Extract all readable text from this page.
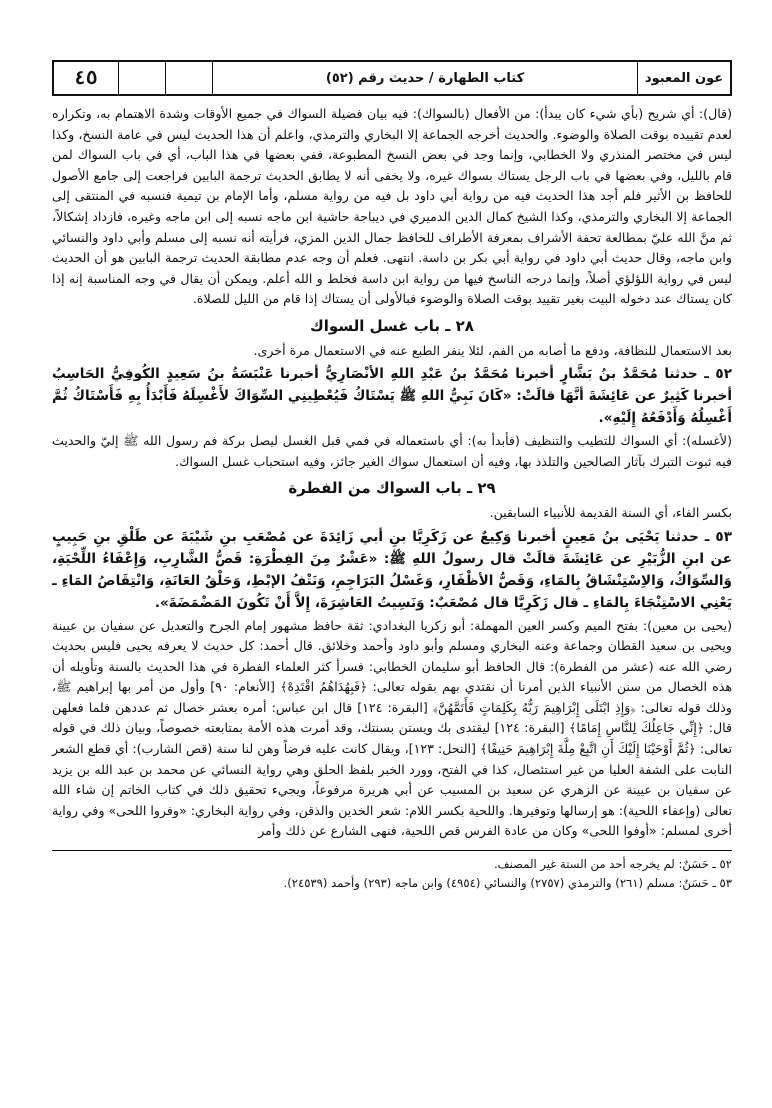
عون المعبود
كتاب الطهارة / حديث رقم (٥٢)
٤٥

(قال): أي شريح (بأي شيء كان يبدأ): من الأفعال (بالسواك): فيه بيان فضيلة السواك في جميع الأوقات وشدة الاهتمام به، وتكراره لعدم تقييده بوقت الصلاة والوضوء. والحديث أخرجه الجماعة إلا البخاري والترمذي، واعلم أن هذا الحديث ليس في عامة النسخ، وكذا ليس في مختصر المنذري ولا الخطابي، وإنما وجد في بعض النسخ المطبوعة، ففي بعضها في هذا الباب، أي في باب السواك لمن قام بالليل، وفي بعضها في باب الرجل يستاك بسواك غيره، ولا يخفى أنه لا يطابق الحديث ترجمة البابين فراجعت إلى جامع الأصول للحافظ بن الأثير فلم أجد هذا الحديث فيه من رواية أبي داود بل فيه من رواية مسلم، وأما الإمام بن تيمية فنسبه في المنتقى إلى الجماعة إلا البخاري والترمذي، وكذا الشيخ كمال الدين الدميري في ديباجة حاشية ابن ماجه نسبه إلى ابن ماجه وغيره، فازداد إشكالاً، ثم منَّ الله عليّ بمطالعة تحفة الأشراف بمعرفة الأطراف للحافظ جمال الدين المزي، فرأيته أنه نسبه إلى مسلم وأبي داود والنسائي وابن ماجه، وقال حديث أبي داود في رواية أبي بكر بن داسة. انتهى. فعلم أن وجه عدم مطابقة الحديث ترجمة البابين هو أن الحديث ليس في رواية اللؤلؤي أصلاً، وإنما درجه الناسخ فيها من رواية ابن داسة فخلط و الله أعلم. ويمكن أن يقال في وجه المناسبة إنه إذا كان يستاك عند دخوله البيت بغير تقييد بوقت الصلاة والوضوء فبالأولى أن يستاك إذا قام من الليل للصلاة.

٢٨ ـ باب غسل السواك

بعد الاستعمال للنظافة، ودفع ما أصابه من الفم، لئلا ينفر الطبع عنه في الاستعمال مرة أخرى.

٥٢ ـ حدثنا مُحَمَّدُ بنُ بَشَّارٍ أخبرنا مُحَمَّدُ بنُ عَبْدِ اللهِ الأنْصَارِيُّ أخبرنا عَنْبَسَةُ بنُ سَعِيدٍ الكُوفِيُّ الحَاسِبُ أخبرنا كَثِيرٌ عن عَائِشَةَ أنَّهَا قالَتْ: «كَانَ نَبِيُّ اللهِ ﷺ يَسْتَاكُ فَيُعْطِينِي السِّوَاكَ لأَغْسِلَهُ فَأَبْدَأُ بِهِ فَأَسْتَاكُ ثُمَّ أَغْسِلُهُ وَأَدْفَعُهُ إِلَيْهِ».

(لأغسله): أي السواك للتطيب والتنظيف (فأبدأ به): أي باستعماله في فمي قبل الغسل ليصل بركة فم رسول الله ﷺ إليّ والحديث فيه ثبوت التبرك بآثار الصالحين والتلذذ بها، وفيه أن استعمال سواك الغير جائز، وفيه استحباب غسل السواك.

٢٩ ـ باب السواك من الفطرة

بكسر الفاء، أي السنة القديمة للأنبياء السابقين.

٥٣ ـ حدثنا يَحْيَى بنُ مَعِينٍ أخبرنا وَكِيعٌ عن زَكَرِيَّا بنِ أبي زَائِدَةَ عن مُصْعَبِ بنِ شَيْبَةَ عن طَلْقِ بنِ حَبِيبٍ عن ابنِ الزُّبَيْرِ عن عَائِشَةَ قالَتْ قال رسولُ اللهِ ﷺ: «عَشْرٌ مِنَ الفِطْرَةِ: قَصُّ الشَّارِبِ، وَإِعْفَاءُ اللِّحْيَةِ، وَالسِّوَاكُ، وَالاِسْتِنْشَاقُ بِالمَاءِ، وَقَصُّ الأظْفَارِ، وَغَسْلُ البَرَاجِمِ، وَنَتْفُ الإبْطِ، وَحَلْقُ العَانَةِ، وَانْتِقَاصُ المَاءِ ـ يَعْنِي الاسْتِنْجَاءَ بِالمَاءِ ـ قال زَكَرِيَّا قال مُصْعَبٌ: وَنَسِيتُ العَاشِرَةَ، إِلاَّ أَنْ تَكُونَ المَضْمَضَةَ».

(يحيى بن معين): بفتح الميم وكسر العين المهملة: أبو زكريا البغدادي: ثقة حافظ مشهور إمام الجرح والتعديل عن سفيان بن عيينة ويحيى بن سعيد القطان وجماعة وعنه البخاري ومسلم وأبو داود وأحمد وخلائق. قال أحمد: كل حديث لا يعرفه يحيى فليس بحديث رضي الله عنه (عشر من الفطرة): قال الحافظ أبو سليمان الخطابي: فسرأ كثر العلماء الفطرة في هذا الحديث بالسنة وتأويله أن هذه الخصال من سنن الأنبياء الذين أمرنا أن نقتدي بهم بقوله تعالى: ﴿فَبِهُدَاهُمُ اقْتَدِهْ﴾ [الأنعام: ٩٠] وأول من أمر بها إبراهيم ﷺ، وذلك قوله تعالى: ﴿وَإِذِ ابْتَلَى إِبْرَاهِيمَ رَبُّهُ بِكَلِمَاتٍ فَأَتَمَّهُنَّ﴾ [البقرة: ١٢٤] قال ابن عباس: أمره بعشر خصال ثم عددهن فلما فعلهن قال: ﴿إِنِّي جَاعِلُكَ لِلنَّاسِ إِمَامًا﴾ [البقرة: ١٢٤] ليقتدى بك ويستن بسنتك، وقد أمرت هذه الأمة بمتابعته خصوصاً، وبيان ذلك في قوله تعالى: ﴿ثُمَّ أَوْحَيْنَا إِلَيْكَ أَنِ اتَّبِعْ مِلَّةَ إِبْرَاهِيمَ حَنِيفًا﴾ [النحل: ١٢٣]، ويقال كانت عليه فرضاً وهن لنا سنة (قص الشارب): أي قطع الشعر النابت على الشفة العليا من غير استئصال، كذا في الفتح، وورد الخبر بلفظ الحلق وهي رواية النسائي عن محمد بن عبد الله بن يزيد عن سفيان بن عيينة عن الزهري عن سعيد بن المسيب عن أبي هريرة مرفوعاً، ويجيء تحقيق ذلك في كتاب الخاتم إن شاء الله تعالى (وإعفاء اللحية): هو إرسالها وتوفيرها. واللحية بكسر اللام: شعر الخدين والذقن، وفي رواية البخاري: «وفروا اللحى» وفي رواية أخرى لمسلم: «أوفوا اللحى» وكان من عادة الفرس قص اللحية، فنهى الشارع عن ذلك وأمر

٥٢ ـ حَسَنٌ: لم يخرجه أحد من الستة غير المصنف.
٥٣ ـ حَسَنٌ: مسلم (٢٦١) والترمذي (٢٧٥٧) والنسائي (٤٩٥٤) وابن ماجه (٢٩٣) وأحمد (٢٤٥٣٩).
